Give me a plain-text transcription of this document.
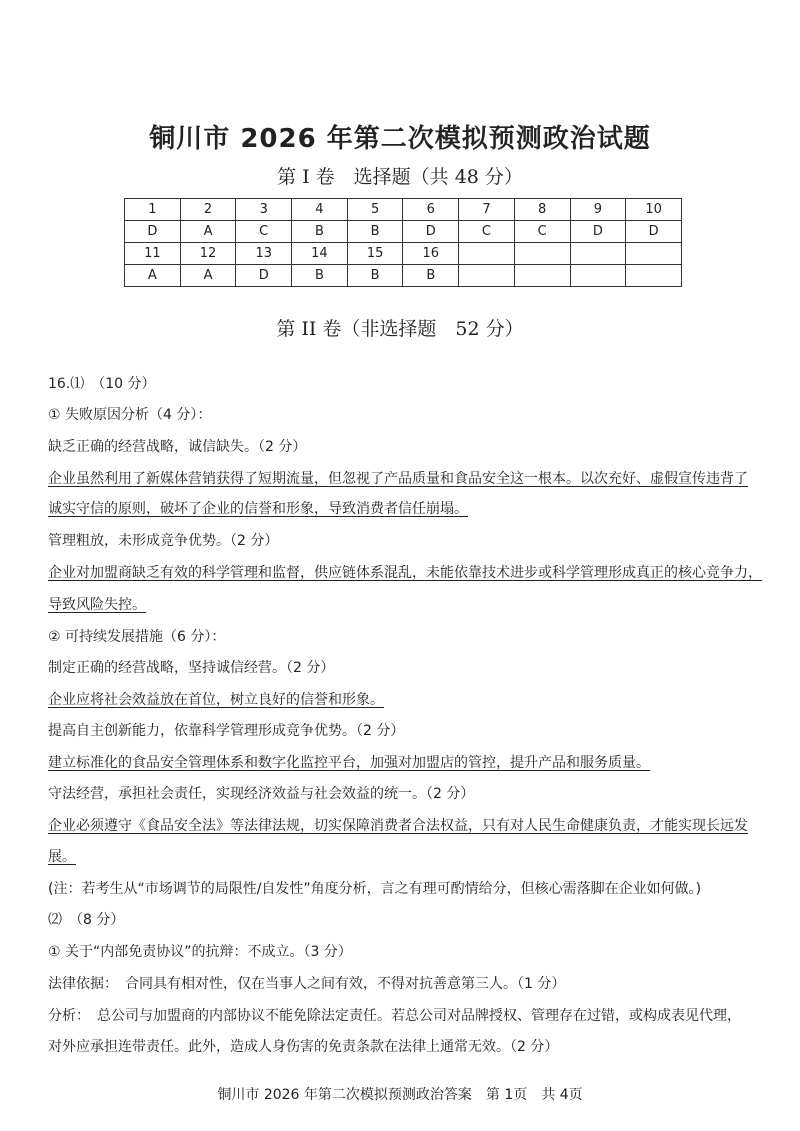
铜川市 2026 年第二次模拟预测政治试题
第 I 卷　选择题（共 48 分）
1	2	3	4	5	6	7	8	9	10
D	A	C	B	B	D	C	C	D	D
11	12	13	14	15	16				
A	A	D	B	B	B				
第 II 卷（非选择题　52 分）
16.⑴　（10 分）
① 失败原因分析（4 分）：
缺乏正确的经营战略，诚信缺失。（2 分）
企业虽然利用了新媒体营销获得了短期流量，但忽视了产品质量和食品安全这一根本。以次充好、虚假宣传违背了
诚实守信的原则，破坏了企业的信誉和形象，导致消费者信任崩塌。
管理粗放，未形成竞争优势。（2 分）
企业对加盟商缺乏有效的科学管理和监督，供应链体系混乱，未能依靠技术进步或科学管理形成真正的核心竞争力，
导致风险失控。
② 可持续发展措施（6 分）：
制定正确的经营战略，坚持诚信经营。（2 分）
企业应将社会效益放在首位，树立良好的信誉和形象。
提高自主创新能力，依靠科学管理形成竞争优势。（2 分）
建立标准化的食品安全管理体系和数字化监控平台，加强对加盟店的管控，提升产品和服务质量。
守法经营，承担社会责任，实现经济效益与社会效益的统一。（2 分）
企业必须遵守《食品安全法》等法律法规，切实保障消费者合法权益，只有对人民生命健康负责，才能实现长远发
展。
(注：若考生从“市场调节的局限性/自发性”角度分析，言之有理可酌情给分，但核心需落脚在企业如何做。)
⑵　（8 分）
① 关于“内部免责协议”的抗辩：不成立。（3 分）
法律依据：　合同具有相对性，仅在当事人之间有效，不得对抗善意第三人。（1 分）
分析：　总公司与加盟商的内部协议不能免除法定责任。若总公司对品牌授权、管理存在过错，或构成表见代理，
对外应承担连带责任。此外，造成人身伤害的免责条款在法律上通常无效。（2 分）
铜川市 2026 年第二次模拟预测政治答案　第 1页　共 4页
